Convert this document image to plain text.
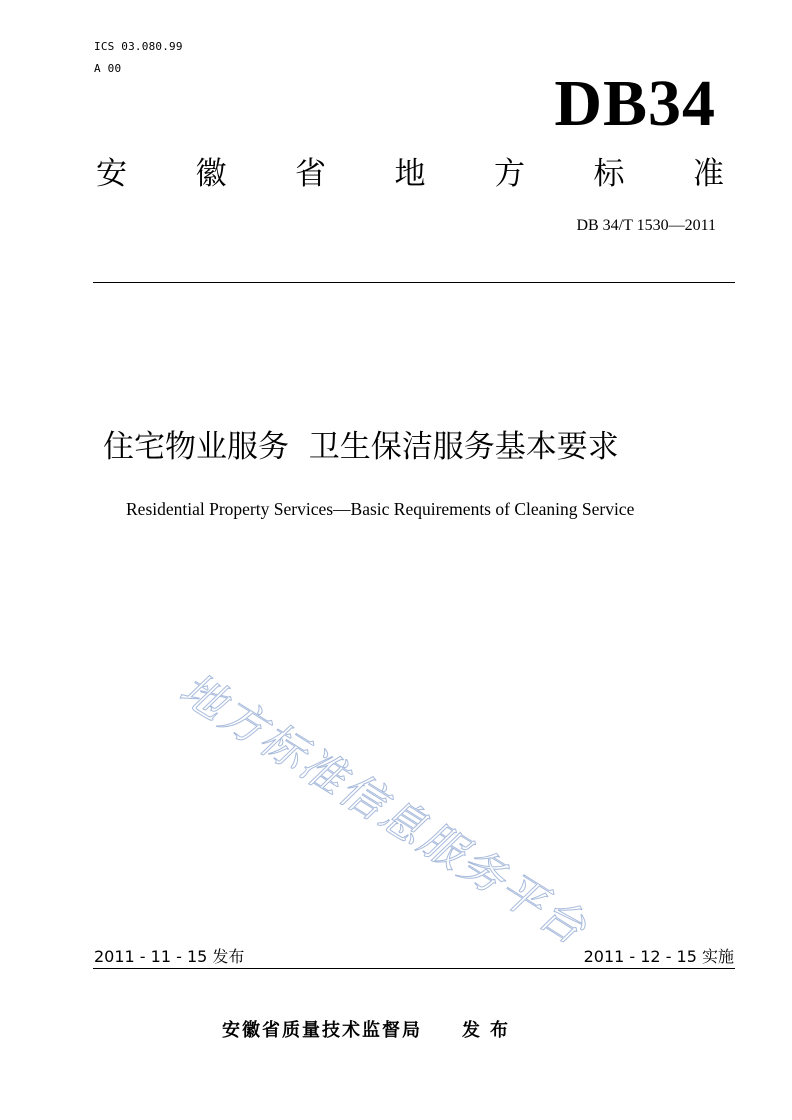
ICS 03.080.99
A 00	DB34
安 徽 省 地 方 标 准
DB 34/T 1530—2011
住宅物业服务  卫生保洁服务基本要求
Residential Property Services—Basic Requirements of Cleaning Service
地方标准信息服务平台
2011 - 11 - 15 发布	2011 - 12 - 15 实施
安徽省质量技术监督局 发布
